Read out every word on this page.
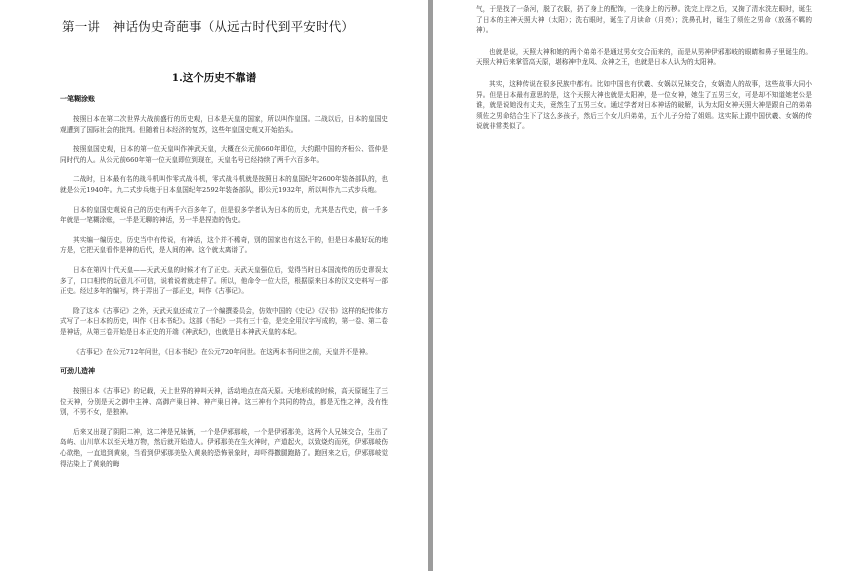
第一讲　神话伪史奇葩事（从远古时代到平安时代）
1.这个历史不靠谱
一笔糊涂账

按照日本在第二次世界大战前盛行的历史观，日本是天皇的国家，所以叫作皇国。二战以后，日本的皇国史观遭到了国际社会的批判。但随着日本经济的复苏，这些年皇国史观又开始抬头。

按照皇国史观，日本的第一位天皇叫作神武天皇，大概在公元前660年即位，大约跟中国的齐桓公、管仲是同时代的人。从公元前660年第一位天皇即位到现在，天皇名号已经持续了两千六百多年。

二战时，日本最有名的战斗机叫作零式战斗机，零式战斗机就是按照日本的皇国纪年2600年装备部队的，也就是公元1940年。九二式步兵炮于日本皇国纪年2592年装备部队，即公元1932年，所以叫作九二式步兵炮。

日本的皇国史观说自己的历史有两千六百多年了，但是很多学者认为日本的历史，尤其是古代史，前一千多年就是一笔糊涂账，一半是无聊的神话，另一半是捏造的伪史。

其实编一编历史，历史当中有传说，有神话，这个并不稀奇，别的国家也有这么干的，但是日本最好玩的地方是，它把天皇看作是神的后代，是人间的神。这个就太离谱了。

日本在第四十代天皇——天武天皇的时候才有了正史。天武天皇强位后，觉得当时日本国流传的历史谬误太多了，口口相传的玩意儿不可信，说着说着就走样了。所以，他命令一位大臣，根据原来日本的汉文史料写一部正史。经过多年的编写，终于弄出了一部正史，叫作《古事记》。

除了这本《古事记》之外，天武天皇还成立了一个编撰委员会，仿效中国的《史记》《汉书》这样的纪传体方式写了一本日本的历史，叫作《日本书纪》。这部《书纪》一共有三十卷，是完全用汉字写成的，第一卷、第二卷是神话，从第三卷开始是日本正史的开端《神武纪》，也就是日本神武天皇的本纪。

《古事记》在公元712年问世，《日本书纪》在公元720年问世。在这两本书问世之前，天皇并不是神。

可劲儿造神

按照日本《古事记》的记载，天上世界的神叫天神，活动地点在高天原。天地形成的时候，高天原诞生了三位天神，分别是天之御中主神、高御产巢日神、神产巢日神。这三神有个共同的特点，都是无性之神，没有性别，不男不女，是独神。

后来又出现了阴阳二神，这二神是兄妹俩，一个是伊邪那岐，一个是伊邪那美，这两个人兄妹交合，生出了岛屿、山川草木以至天地万物，然后就开始造人。伊邪那美在生火神时，产道起火，以致烧灼而死，伊邪那岐伤心欲绝，一直追到黄泉，当看到伊邪那美坠入黄泉的恐怖景象时，却吓得撒腿跑路了。跑回来之后，伊邪那岐觉得沾染上了黄泉的晦

气，于是找了一条河，脱了衣服，扔了身上的配饰，一洗身上的污秽。洗完上岸之后，又掬了清水洗左眼时，诞生了日本的主神天照大神（太阳）；洗右眼时，诞生了月读命（月亮）；洗鼻孔时，诞生了须佐之男命（放荡不羁的神）。

也就是说，天照大神和她的两个弟弟不是通过男女交合而来的，而是从男神伊邪那岐的眼睛和鼻子里诞生的。天照大神后来掌管高天原，堪称神中龙凤、众神之王，也就是日本人认为的太阳神。

其实，这种传说在很多民族中都有。比如中国也有伏羲、女娲以兄妹交合，女娲造人的故事，这些故事大同小异。但是日本最有意思的是，这个天照大神也就是太阳神，是一位女神，她生了五男三女，可是却不知道她老公是谁，就是说她没有丈夫，竟然生了五男三女。通过学者对日本神话的破解，认为太阳女神天照大神是跟自己的弟弟须佐之男命结合生下了这么多孩子，然后三个女儿归弟弟，五个儿子分给了姐姐。这实际上跟中国伏羲、女娲的传说就非常类似了。
